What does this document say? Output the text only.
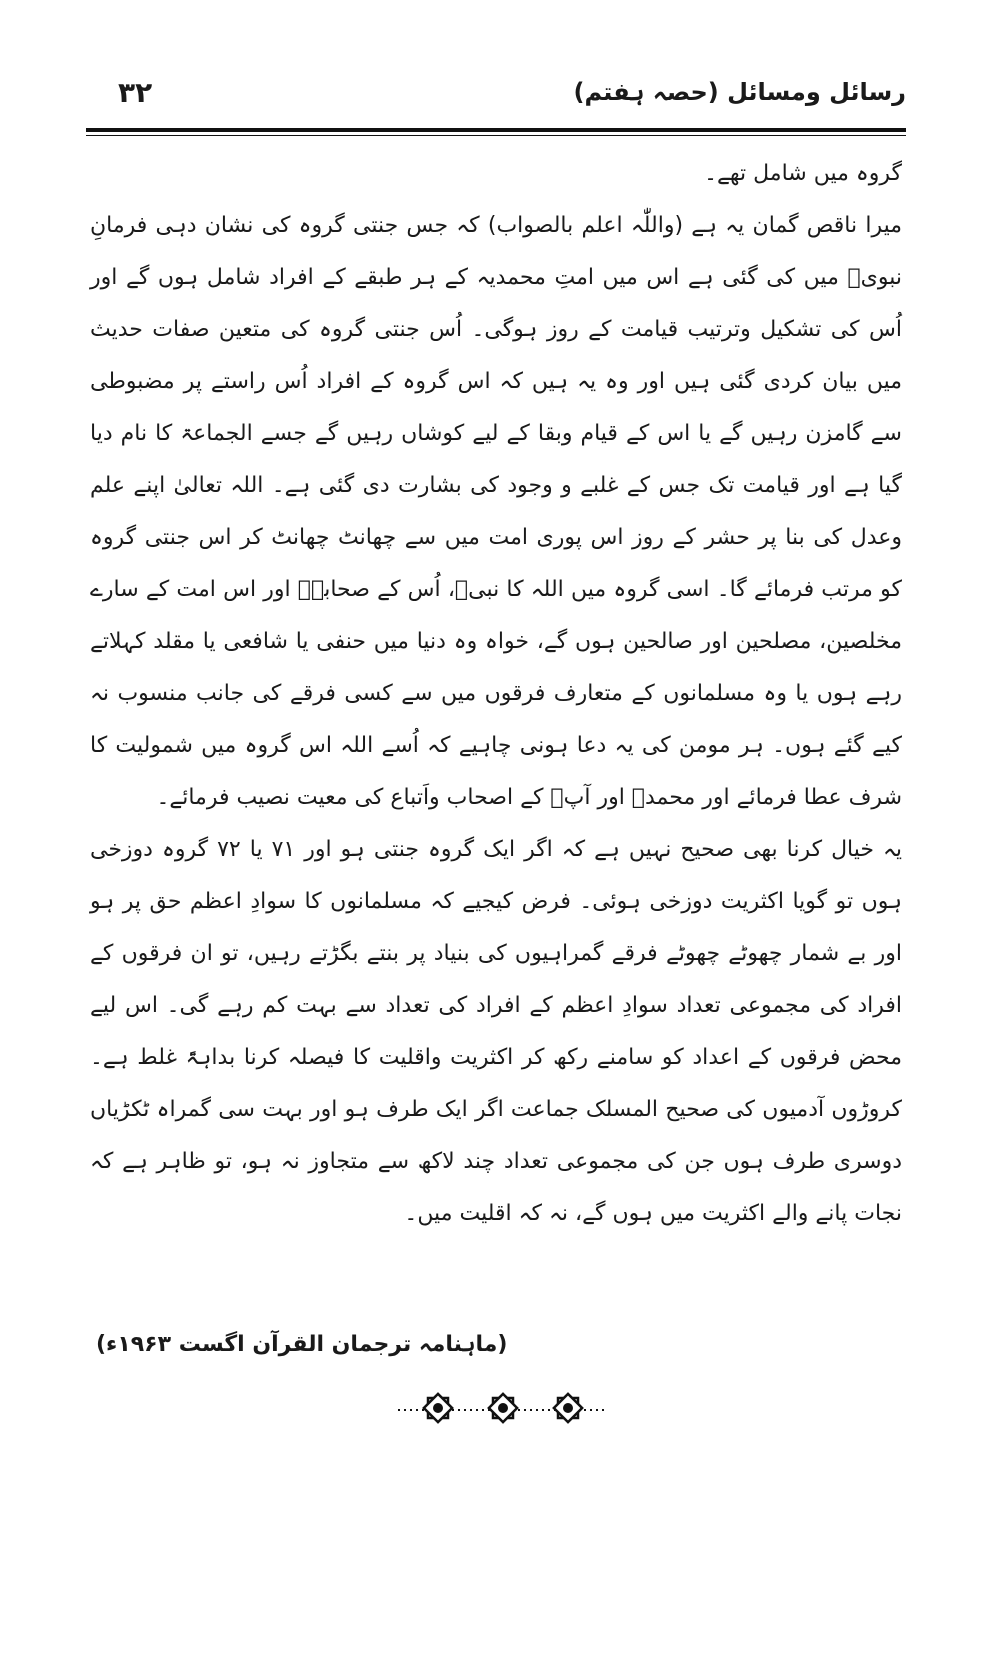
رسائل ومسائل (حصہ ہفتم)
۳۲

گروہ میں شامل تھے۔

میرا ناقص گمان یہ ہے (واللّٰہ اعلم بالصواب) کہ جس جنتی گروہ کی نشان دہی فرمانِ نبویؐ میں کی گئی ہے اس میں امتِ محمدیہ کے ہر طبقے کے افراد شامل ہوں گے اور اُس کی تشکیل وترتیب قیامت کے روز ہوگی۔ اُس جنتی گروہ کی متعین صفات حدیث میں بیان کردی گئی ہیں اور وہ یہ ہیں کہ اس گروہ کے افراد اُس راستے پر مضبوطی سے گامزن رہیں گے یا اس کے قیام وبقا کے لیے کوشاں رہیں گے جسے الجماعۃ کا نام دیا گیا ہے اور قیامت تک جس کے غلبے و وجود کی بشارت دی گئی ہے۔ اللہ تعالیٰ اپنے علم وعدل کی بنا پر حشر کے روز اس پوری امت میں سے چھانٹ چھانٹ کر اس جنتی گروہ کو مرتب فرمائے گا۔ اسی گروہ میں اللہ کا نبیؐ، اُس کے صحابہؓ اور اس امت کے سارے مخلصین، مصلحین اور صالحین ہوں گے، خواہ وہ دنیا میں حنفی یا شافعی یا مقلد کہلاتے رہے ہوں یا وہ مسلمانوں کے متعارف فرقوں میں سے کسی فرقے کی جانب منسوب نہ کیے گئے ہوں۔ ہر مومن کی یہ دعا ہونی چاہیے کہ اُسے اللہ اس گروہ میں شمولیت کا شرف عطا فرمائے اور محمدؐ اور آپؐ کے اصحاب واَتباع کی معیت نصیب فرمائے۔

یہ خیال کرنا بھی صحیح نہیں ہے کہ اگر ایک گروہ جنتی ہو اور ۷۱ یا ۷۲ گروہ دوزخی ہوں تو گویا اکثریت دوزخی ہوئی۔ فرض کیجیے کہ مسلمانوں کا سوادِ اعظم حق پر ہو اور بے شمار چھوٹے چھوٹے فرقے گمراہیوں کی بنیاد پر بنتے بگڑتے رہیں، تو ان فرقوں کے افراد کی مجموعی تعداد سوادِ اعظم کے افراد کی تعداد سے بہت کم رہے گی۔ اس لیے محض فرقوں کے اعداد کو سامنے رکھ کر اکثریت واقلیت کا فیصلہ کرنا بداہۃً غلط ہے۔ کروڑوں آدمیوں کی صحیح المسلک جماعت اگر ایک طرف ہو اور بہت سی گمراہ ٹکڑیاں دوسری طرف ہوں جن کی مجموعی تعداد چند لاکھ سے متجاوز نہ ہو، تو ظاہر ہے کہ نجات پانے والے اکثریت میں ہوں گے، نہ کہ اقلیت میں۔

(ماہنامہ ترجمان القرآن اگست ۱۹۶۳ء)
